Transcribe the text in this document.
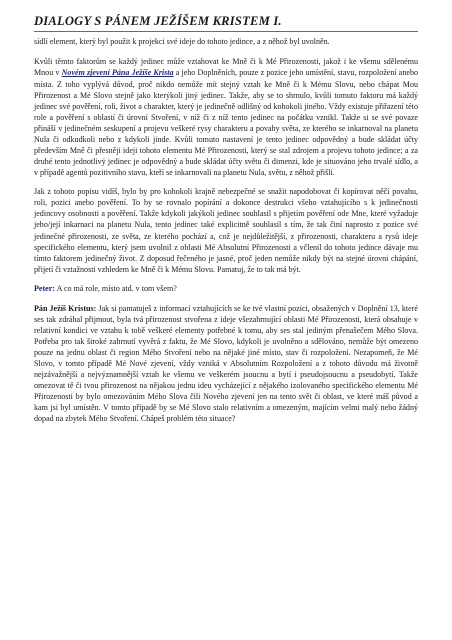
DIALOGY S PÁNEM JEŽÍŠEM KRISTEM I.

sídlí element, který byl použit k projekci své ideje do tohoto jedince, a z něhož byl uvolněn.

Kvůli těmto faktorům se každý jedinec může vztahovat ke Mně či k Mé Přirozenosti, jakož i ke všemu sdělenému Mnou v Novém zjevení Pána Ježíše Krista a jeho Doplněních, pouze z pozice jeho umístění, stavu, rozpoložení anebo místa. Z toho vyplývá důvod, proč nikdo nemůže mít stejný vztah ke Mně či k Mému Slovu, nebo chápat Mou Přirozenost a Mé Slovo stejně jako kterýkoli jiný jedinec. Takže, aby se to shrnulo, kvůli tomuto faktoru má každý jedinec své pověření, roli, život a charakter, který je jedinečně odlišný od kohokoli jiného. Vždy existuje přiřazení této role a pověření s oblastí či úrovní Stvoření, v níž či z níž tento jedinec na počátku vznikl. Takže si se své povaze přináší v jedinečném seskupení a projevu veškeré rysy charakteru a povahy světa, ze kterého se inkarnoval na planetu Nula či odkudkoli nebo z kdykoli jinde. Kvůli tomuto nastavení je tento jedinec odpovědný a bude skládat účty především Mně či přesněji ideji tohoto elementu Mé Přirozenosti, který se stal zdrojem a projevu tohoto jedince; a za druhé tento jednotlivý jedinec je odpovědný a bude skládat účty světu či dimenzi, kde je situováno jeho trvalé sídlo, a v případě agentů pozitivního stavu, kteří se inkarnovali na planetu Nula, světu, z něhož přišli.

Jak z tohoto popisu vidíš, bylo by pro kohokoli krajně nebezpečné se snažit napodobovat či kopírovat něčí povahu, roli, pozici anebo pověření. To by se rovnalo popírání a dokonce destrukci všeho vztahujícího s k jedinečnosti jedincovy osobnosti a pověření. Takže kdykoli jakýkoli jedinec souhlasil s přijetím pověření ode Mne, které vyžaduje jeho/její inkarnaci na planetu Nula, tento jedinec také explicitně souhlasil s tím, že tak činí naprosto z pozice své jedinečné přirozenosti, ze světa, ze kterého pochází a, což je nejdůležitější, z přirozenosti, charakteru a rysů ideje specifického elementu, který jsem uvolnil z oblasti Mé Absolutní Přirozenosti a včlenil do tohoto jedince dávaje mu tímto faktorem jedinečný život. Z doposud řečeného je jasné, proč jeden nemůže nikdy být na stejné úrovni chápání, přijetí či vztažnosti vzhledem ke Mně či k Mému Slovu. Pamatuj, že to tak má být.

Peter: A co má role, místo atd. v tom všem?

Pán Ježíš Kristus: Jak si pamatuješ z informací vztahujících se ke tvé vlastní pozici, obsažených v Doplnění 13, které ses tak zdráhal přijmout, byla tvá přirozenost stvořena z ideje všezahrnující oblasti Mé Přirozenosti, která obsahuje v relativní kondici ve vztahu k tobě veškeré elementy potřebné k tomu, aby ses stal jediným přenašečem Mého Slova. Potřeba pro tak široké zahrnutí vyvěrá z faktu, že Mé Slovo, kdykoli je uvolněno a sdělováno, nemůže být omezeno pouze na jednu oblast či region Mého Stvoření nebo na nějaké jiné místo, stav či rozpoložení. Nezapomeň, že Mé Slovo, v tomto případě Mé Nové zjevení, vždy vzniká v Absolutním Rozpoložení a z tohoto důvodu má životně nejzávažnější a nejvýznamnější vztah ke všemu ve veškerém jsoucnu a bytí i pseudojsoucnu a pseudobytí. Takže omezovat tě či tvou přirozenost na nějakou jednu ideu vycházející z nějakého izolovaného specifického elementu Mé Přirozenosti by bylo omezováním Mého Slova čili Nového zjevení jen na tento svět či oblast, ve které máš původ a kam jsi byl umístěn. V tomto případě by se Mé Slovo stalo relativním a omezeným, majícím velmi malý nebo žádný dopad na zbytek Mého Stvoření. Chápeš problém této situace?
